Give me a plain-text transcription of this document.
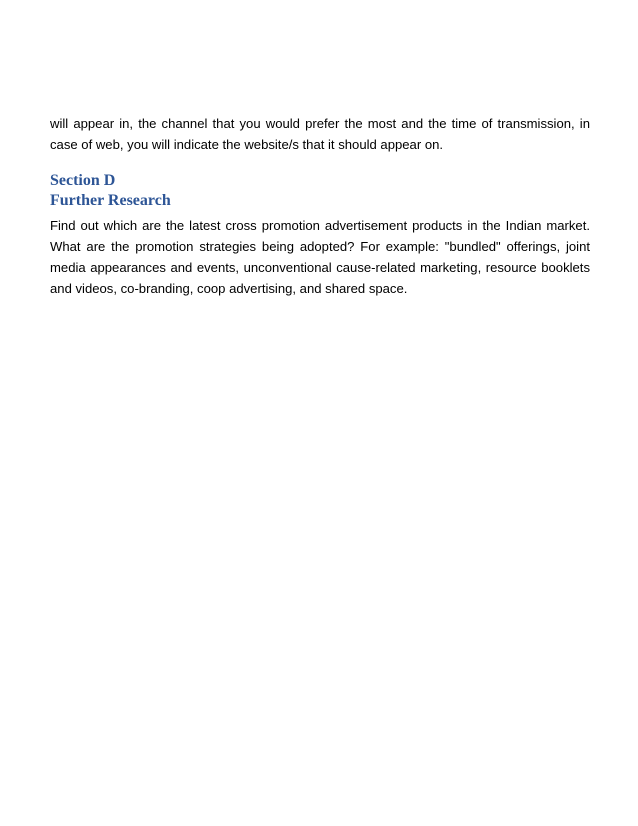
will appear in, the channel that you would prefer the most and the time of transmission, in case of web, you will indicate the website/s that it should appear on.

Section D
Further Research

Find out which are the latest cross promotion advertisement products in the Indian market. What are the promotion strategies being adopted? For example: "bundled" offerings, joint media appearances and events, unconventional cause-related marketing, resource booklets and videos, co-branding, coop advertising, and shared space.
